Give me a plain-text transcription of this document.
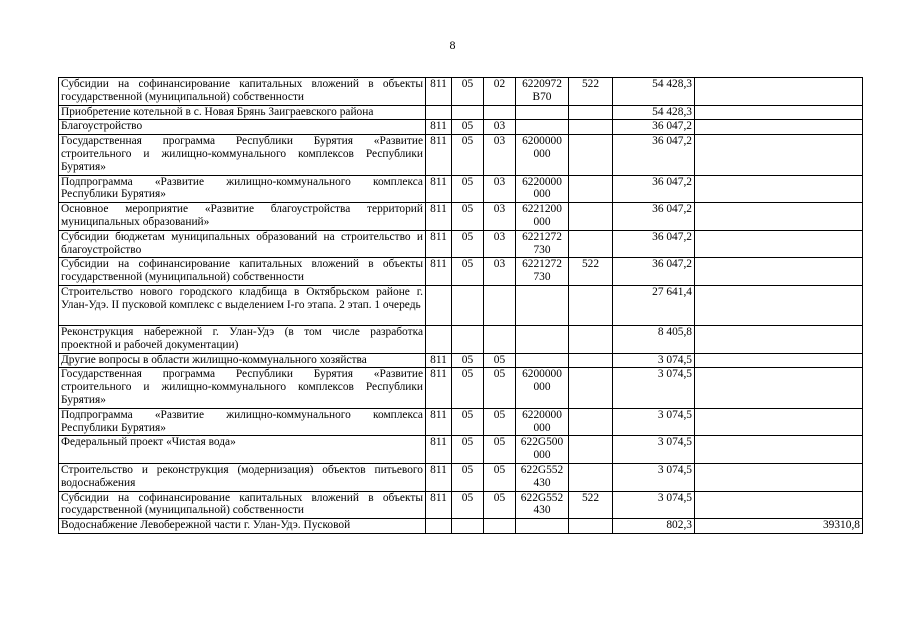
8
Субсидии на софинансирование капитальных вложений в объекты государственной (муниципальной) собственности	811	05	02	6220972 В70	522	54 428,3	
Приобретение котельной в с. Новая Брянь Заиграевского района						54 428,3	
Благоустройство	811	05	03			36 047,2	
Государственная программа Республики Бурятия «Развитие строительного и жилищно-коммунального комплексов Республики Бурятия»	811	05	03	6200000 000		36 047,2	
Подпрограмма «Развитие жилищно-коммунального комплекса Республики Бурятия»	811	05	03	6220000 000		36 047,2	
Основное мероприятие «Развитие благоустройства территорий муниципальных образований»	811	05	03	6221200 000		36 047,2	
Субсидии бюджетам муниципальных образований на строительство и благоустройство	811	05	03	6221272 730		36 047,2	
Субсидии на софинансирование капитальных вложений в объекты государственной (муниципальной) собственности	811	05	03	6221272 730	522	36 047,2	
Строительство нового городского кладбища в Октябрьском районе г. Улан-Удэ. II пусковой комплекс с выделением I-го этапа. 2 этап. 1 очередь						27 641,4	
Реконструкция набережной г. Улан-Удэ (в том числе разработка проектной и рабочей документации)						8 405,8	
Другие вопросы в области жилищно-коммунального хозяйства	811	05	05			3 074,5	
Государственная программа Республики Бурятия «Развитие строительного и жилищно-коммунального комплексов Республики Бурятия»	811	05	05	6200000 000		3 074,5	
Подпрограмма «Развитие жилищно-коммунального комплекса Республики Бурятия»	811	05	05	6220000 000		3 074,5	
Федеральный проект «Чистая вода»	811	05	05	622G500 000		3 074,5	
Строительство и реконструкция (модернизация) объектов питьевого водоснабжения	811	05	05	622G552 430		3 074,5	
Субсидии на софинансирование капитальных вложений в объекты государственной (муниципальной) собственности	811	05	05	622G552 430	522	3 074,5	
Водоснабжение Левобережной части г. Улан-Удэ. Пусковой						802,3	39310,8
